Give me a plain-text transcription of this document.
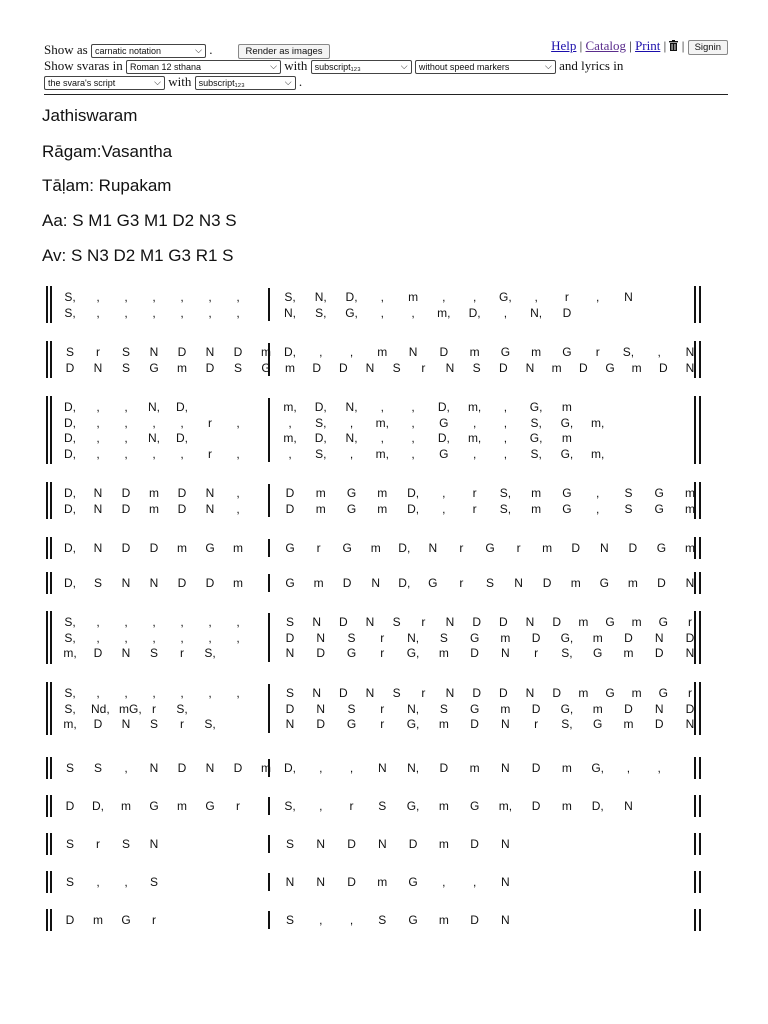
Show as carnatic notation	⌵ .	Render as images	Help | Catalog | Print | | Signin
Show svaras in Roman 12 sthana	⌵ with subscript₁₂₃	⌵ without speed markers	⌵ and lyrics in
the svara's script	⌵ with subscript₁₂₃	⌵ .
Jathiswaram
Rāgam:Vasantha
Tāḷam: Rupakam
Aa: S M1 G3 M1 D2 N3 S
Av: S N3 D2 M1 G3 R1 S
S,	,	,	,	,	,	,	S, N, D,	,	m	,	,	G,	,	r	,	N
S,	,	,	,	,	,	,	N, S, G,	,	,	m, D,	,	N, D
S	r	S N D N D m D,	,	,	m N D m G m G	r	S,	,	N
D N S G m D S G m D D N S	r	N S D N m D G m D N
D,	,	,	N, D,	m, D, N,	,	,	D, m,	,	G, m
D,	,	,	,	,	r	,	,	S,	,	m,	,	G	,	,	S, G, m,
D,	,	,	N, D,	m, D, N,	,	,	D, m,	,	G, m
D,	,	,	,	,	r	,	,	S,	,	m,	,	G	,	,	S, G, m,
D, N D m D N	,	D m G m D,	,	r	S, m G	,	S G m
D, N D m D N	,	D m G m D,	,	r	S, m G	,	S G m
D, N D D m G m	G	r	G m D, N	r	G	r	m D N D G m
D, S N N D D m	G m D N D, G	r	S N D m G m D N
S,	,	,	,	,	,	,	S N D N S	r	N D D N D m G m G	r
S,	,	,	,	,	,	,	D N S	r	N, S G m D G, m D N D
m, D N S	r	S,	N D G	r	G, m D N	r	S, G m D N
S,	,	,	,	,	,	,	S N D N S	r	N D D N D m G m G	r
S, Nd, mG, r	S,	D N S	r	N, S G m D G, m D N D
m, D N S	r	S,	N D G	r	G, m D N	r	S, G m D N
S S	,	N D N D m D,	,	,	N N, D m N D m G,	,	,
D D, m G m G	r	S,	,	r	S G, m G m, D m D, N
S	r	S N	S N D N D m D N
S	,	,	S	N N D m G	,	,	N
D m G	r	S	,	,	S G m D N
